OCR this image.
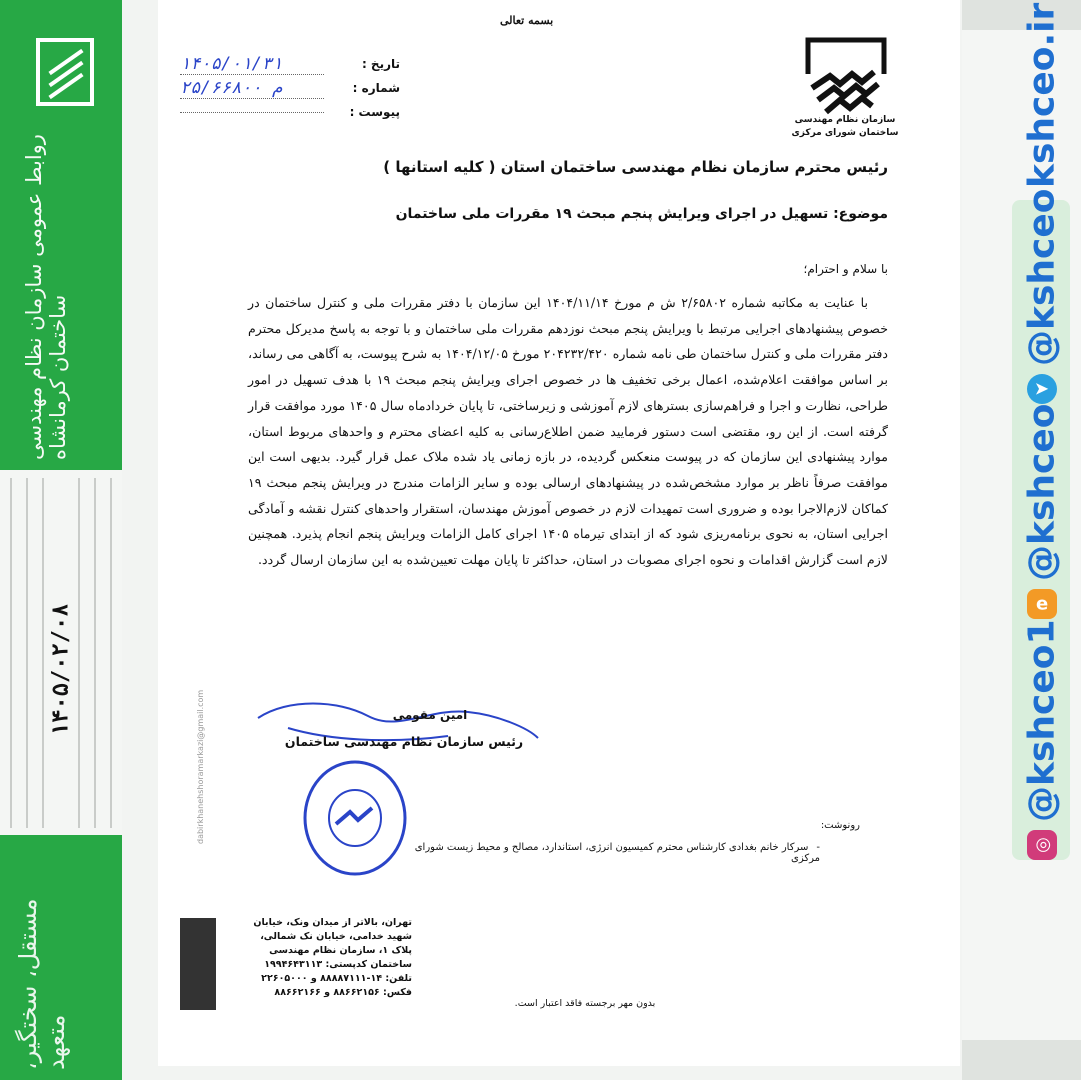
روابط عمومی سازمان نظام مهندسی ساختمان کرمانشاه
۱۴۰۵/۰۲/۰۸
مستقل، سختگیر، متعهد
◎
@kshceo1
e
@kshceo
➤
@kshceo
kshceo.ir
بسمه تعالی
سازمان نظام مهندسی ساختمان شورای مرکزی
تاریخ :
۱۴۰۵/۰۱/۳۱
شماره :
م ۲۵/۶۶۸۰۰
پیوست :
رئیس محترم سازمان نظام مهندسی ساختمان استان ( کلیه استانها )
موضوع: تسهیل در اجرای ویرایش پنجم مبحث ۱۹ مقررات ملی ساختمان
با سلام و احترام؛

با عنایت به مکاتبه شماره ۲/۶۵۸۰۲ ش م مورخ ۱۴۰۴/۱۱/۱۴ این سازمان با دفتر مقررات ملی و کنترل ساختمان در خصوص پیشنهادهای اجرایی مرتبط با ویرایش پنجم مبحث نوزدهم مقررات ملی ساختمان و با توجه به پاسخ مدیرکل محترم دفتر مقررات ملی و کنترل ساختمان طی نامه شماره ۲۰۴۲۳۲/۴۲۰ مورخ ۱۴۰۴/۱۲/۰۵ به شرح پیوست، به آگاهی می رساند، بر اساس موافقت اعلام‌شده، اعمال برخی تخفیف ها در خصوص اجرای ویرایش پنجم مبحث ۱۹ با هدف تسهیل در امور طراحی، نظارت و اجرا و فراهم‌سازی بسترهای لازم آموزشی و زیرساختی، تا پایان خردادماه سال ۱۴۰۵ مورد موافقت قرار گرفته است. از این رو، مقتضی است دستور فرمایید ضمن اطلاع‌رسانی به کلیه اعضای محترم و واحدهای مربوط استان، موارد پیشنهادی این سازمان که در پیوست منعکس گردیده، در بازه زمانی یاد شده ملاک عمل قرار گیرد. بدیهی است این موافقت صرفاً ناظر بر موارد مشخص‌شده در پیشنهادهای ارسالی بوده و سایر الزامات مندرج در ویرایش پنجم مبحث ۱۹ کماکان لازم‌الاجرا بوده و ضروری است تمهیدات لازم در خصوص آموزش مهندسان، استقرار واحدهای کنترل نقشه و آمادگی اجرایی استان، به نحوی برنامه‌ریزی شود که از ابتدای تیرماه ۱۴۰۵ اجرای کامل الزامات ویرایش پنجم انجام پذیرد. همچنین لازم است گزارش اقدامات و نحوه اجرای مصوبات در استان، حداکثر تا پایان مهلت تعیین‌شده به این سازمان ارسال گردد.

امین مقومی
رئیس سازمان نظام مهندسی ساختمان
dabirkhanehshoramarkazi@gmail.com	رونوشت:
-سرکار خانم بغدادی کارشناس محترم کمیسیون انرژی، استاندارد، مصالح و محیط زیست شورای مرکزی
تهران، بالاتر از میدان ونک، خیابان
شهید خدامی، خیابان نک شمالی،
پلاک ۱، سازمان نظام مهندسی
ساختمان کدپستی: ۱۹۹۴۶۴۳۱۱۳
تلفن: ۱۴-۸۸۸۸۷۱۱۱ و ۲۲۶۰۵۰۰۰
فکس: ۸۸۶۶۲۱۵۶ و ۸۸۶۶۲۱۶۶
بدون مهر برجسته فاقد اعتبار است.
